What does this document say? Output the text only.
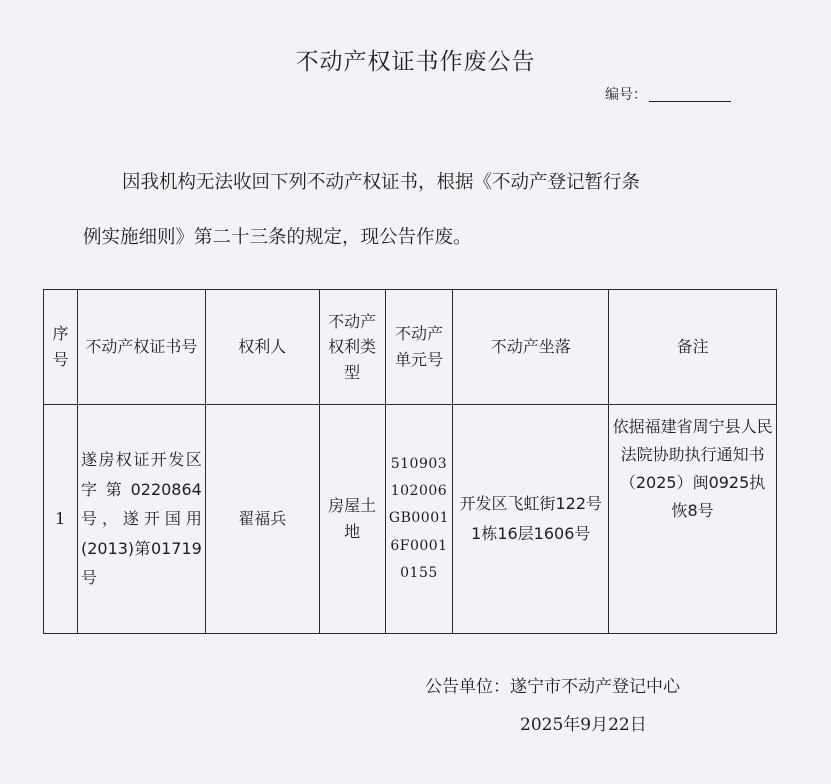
不动产权证书作废公告
编号：
因我机构无法收回下列不动产权证书，根据《不动产登记暂行条
例实施细则》第二十三条的规定，现公告作废。
序号	不动产权证书号	权利人	不动产权利类型	不动产单元号	不动产坐落	备注
1	遂房权证开发区字第0220864号，遂开国用(2013)第01719号	翟福兵	房屋土地	510903102006GB00016F00010155	开发区飞虹街122号1栋16层1606号	依据福建省周宁县人民法院协助执行通知书（2025）闽0925执恢8号
公告单位：遂宁市不动产登记中心
2025年9月22日
